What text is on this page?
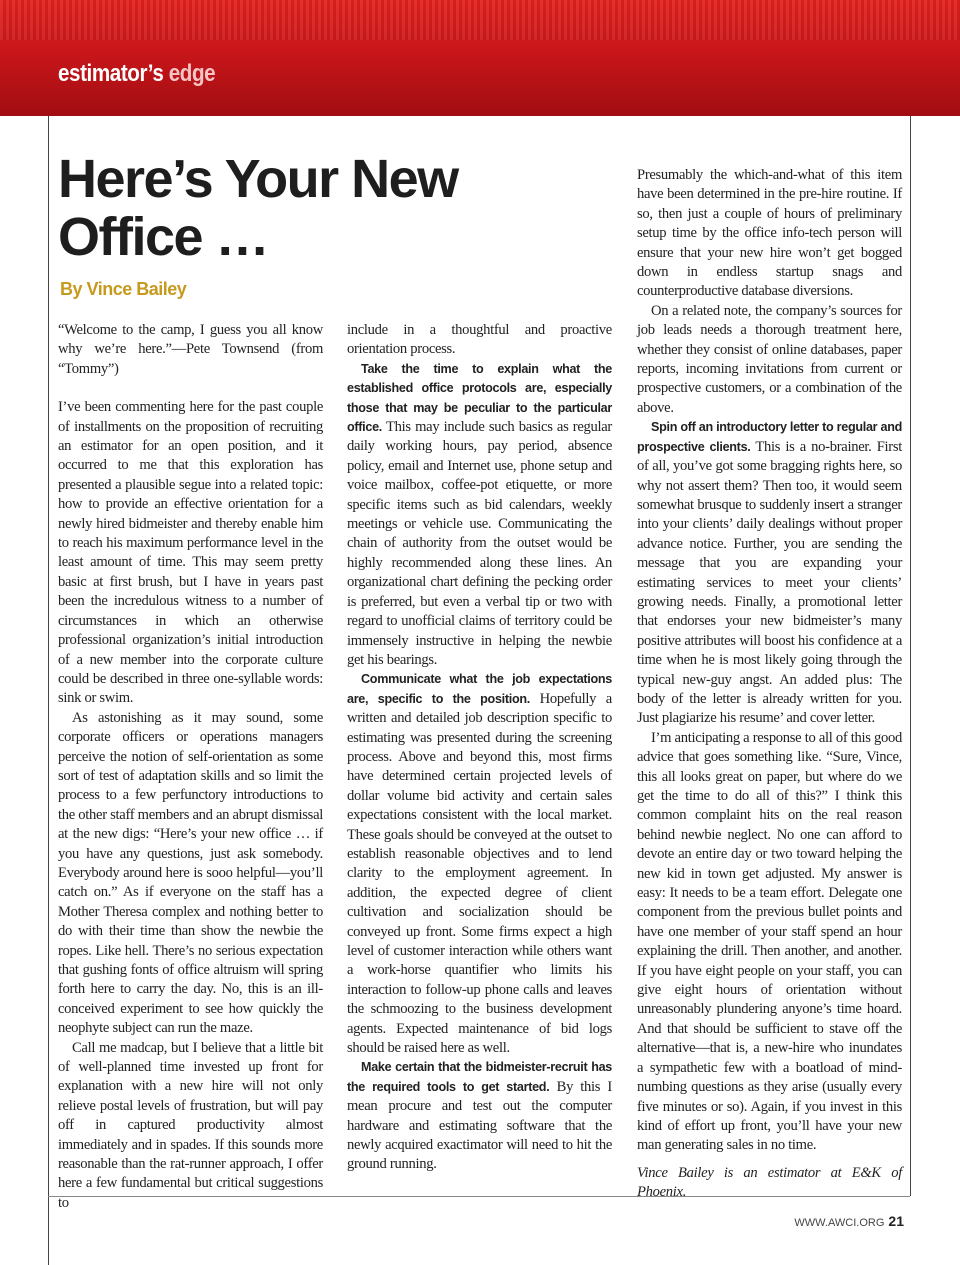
estimator’s edge

Here’s Your New
Office …

By Vince Bailey

“Welcome to the camp, I guess you all know why we’re here.”—Pete Townsend (from “Tommy”)

I’ve been commenting here for the past couple of installments on the proposition of recruiting an estimator for an open position, and it occurred to me that this exploration has presented a plausible segue into a related topic: how to provide an effective orientation for a newly hired bidmeister and thereby enable him to reach his maximum performance level in the least amount of time. This may seem pretty basic at first brush, but I have in years past been the incredulous witness to a number of circumstances in which an otherwise professional organization’s initial introduction of a new member into the corporate culture could be described in three one-syllable words: sink or swim.

As astonishing as it may sound, some corporate officers or operations managers perceive the notion of self-orientation as some sort of test of adaptation skills and so limit the process to a few perfunctory introductions to the other staff members and an abrupt dismissal at the new digs: “Here’s your new office … if you have any questions, just ask somebody. Everybody around here is sooo helpful—you’ll catch on.” As if everyone on the staff has a Mother Theresa complex and nothing better to do with their time than show the newbie the ropes. Like hell. There’s no serious expectation that gushing fonts of office altruism will spring forth here to carry the day. No, this is an ill-conceived experiment to see how quickly the neophyte subject can run the maze.

Call me madcap, but I believe that a little bit of well-planned time invested up front for explanation with a new hire will not only relieve postal levels of frustration, but will pay off in captured productivity almost immediately and in spades. If this sounds more reasonable than the rat-runner approach, I offer here a few fundamental but critical suggestions to

include in a thoughtful and proactive orientation process.

Take the time to explain what the established office protocols are, especially those that may be peculiar to the particular office. This may include such basics as regular daily working hours, pay period, absence policy, email and Internet use, phone setup and voice mailbox, coffee-pot etiquette, or more specific items such as bid calendars, weekly meetings or vehicle use. Communicating the chain of authority from the outset would be highly recommended along these lines. An organizational chart defining the pecking order is preferred, but even a verbal tip or two with regard to unofficial claims of territory could be immensely instructive in helping the newbie get his bearings.

Communicate what the job expectations are, specific to the position. Hopefully a written and detailed job description specific to estimating was presented during the screening process. Above and beyond this, most firms have determined certain projected levels of dollar volume bid activity and certain sales expectations consistent with the local market. These goals should be conveyed at the outset to establish reasonable objectives and to lend clarity to the employment agreement. In addition, the expected degree of client cultivation and socialization should be conveyed up front. Some firms expect a high level of customer interaction while others want a work-horse quantifier who limits his interaction to follow-up phone calls and leaves the schmoozing to the business development agents. Expected maintenance of bid logs should be raised here as well.

Make certain that the bidmeister-recruit has the required tools to get started. By this I mean procure and test out the computer hardware and estimating software that the newly acquired exactimator will need to hit the ground running.

Presumably the which-and-what of this item have been determined in the pre-hire routine. If so, then just a couple of hours of preliminary setup time by the office info-tech person will ensure that your new hire won’t get bogged down in endless startup snags and counterproductive database diversions.

On a related note, the company’s sources for job leads needs a thorough treatment here, whether they consist of online databases, paper reports, incoming invitations from current or prospective customers, or a combination of the above.

Spin off an introductory letter to regular and prospective clients. This is a no-brainer. First of all, you’ve got some bragging rights here, so why not assert them? Then too, it would seem somewhat brusque to suddenly insert a stranger into your clients’ daily dealings without proper advance notice. Further, you are sending the message that you are expanding your estimating services to meet your clients’ growing needs. Finally, a promotional letter that endorses your new bidmeister’s many positive attributes will boost his confidence at a time when he is most likely going through the typical new-guy angst. An added plus: The body of the letter is already written for you. Just plagiarize his resume’ and cover letter.

I’m anticipating a response to all of this good advice that goes something like. “Sure, Vince, this all looks great on paper, but where do we get the time to do all of this?” I think this common complaint hits on the real reason behind newbie neglect. No one can afford to devote an entire day or two toward helping the new kid in town get adjusted. My answer is easy: It needs to be a team effort. Delegate one component from the previous bullet points and have one member of your staff spend an hour explaining the drill. Then another, and another. If you have eight people on your staff, you can give eight hours of orientation without unreasonably plundering anyone’s time hoard. And that should be sufficient to stave off the alternative—that is, a new-hire who inundates a sympathetic few with a boatload of mind-numbing questions as they arise (usually every five minutes or so). Again, if you invest in this kind of effort up front, you’ll have your new man generating sales in no time.

Vince Bailey is an estimator at E&K of Phoenix.

WWW.AWCI.ORG 21
